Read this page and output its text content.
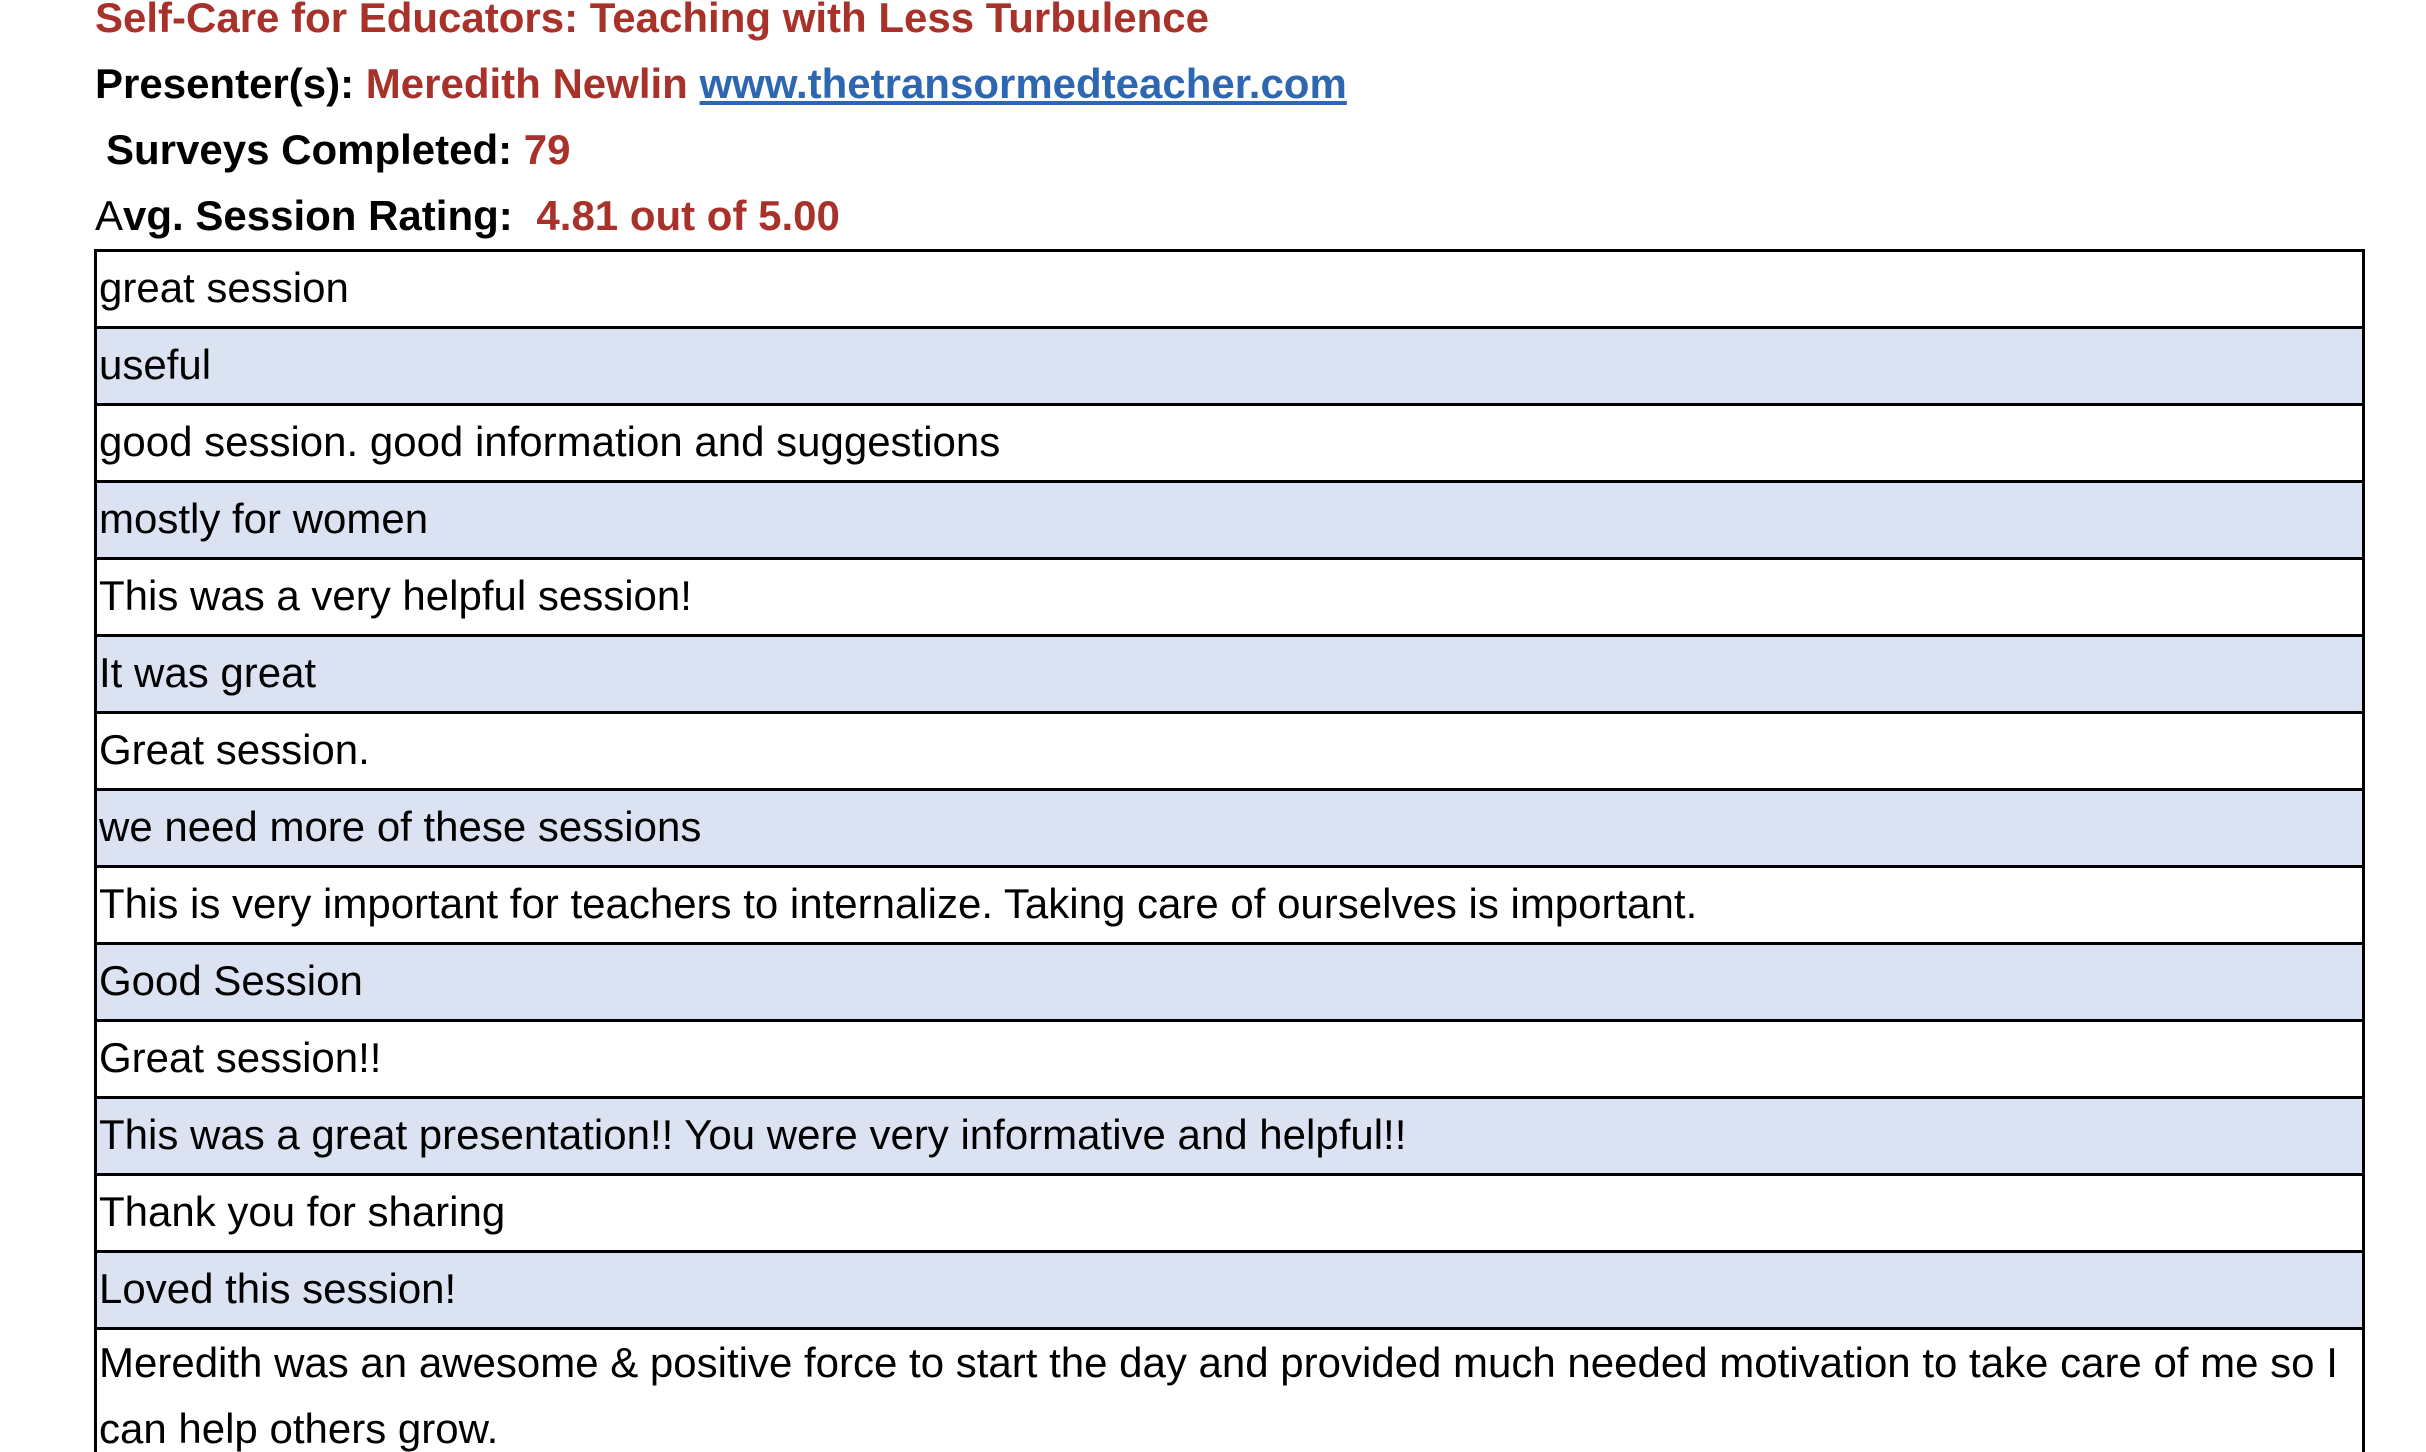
Self-Care for Educators: Teaching with Less Turbulence
Presenter(s): Meredith Newlin www.thetransormedteacher.com
Surveys Completed: 79
Avg. Session Rating: 4.81 out of 5.00
great session
useful
good session. good information and suggestions
mostly for women
This was a very helpful session!
It was great
Great session.
we need more of these sessions
This is very important for teachers to internalize. Taking care of ourselves is important.
Good Session
Great session!!
This was a great presentation!! You were very informative and helpful!!
Thank you for sharing
Loved this session!
Meredith was an awesome & positive force to start the day and provided much needed motivation to take care of me so I can help others grow.
